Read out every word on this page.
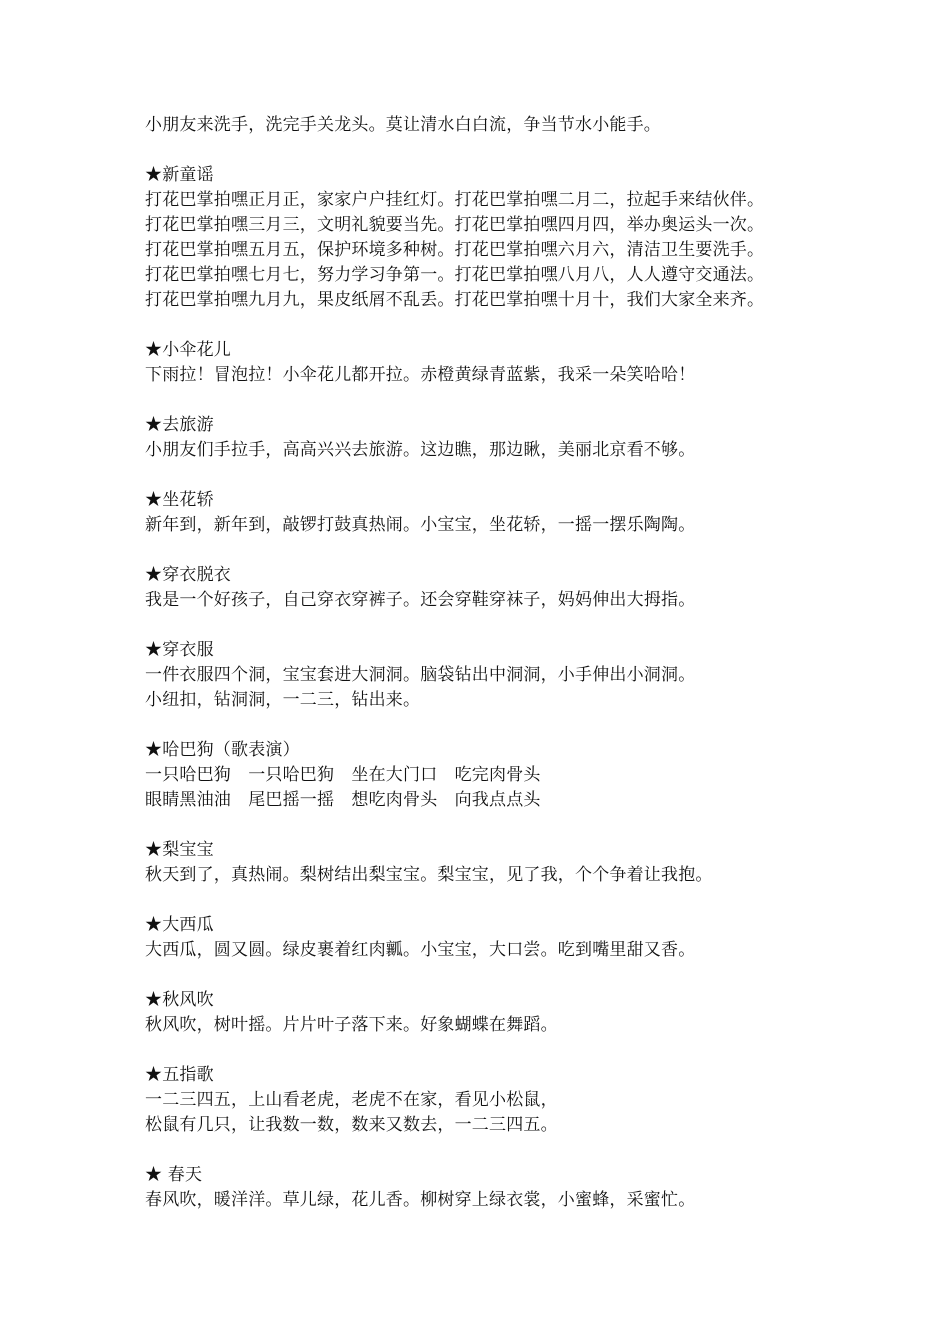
小朋友来洗手，洗完手关龙头。莫让清水白白流，争当节水小能手。
★新童谣
打花巴掌拍嘿正月正，家家户户挂红灯。打花巴掌拍嘿二月二，拉起手来结伙伴。
打花巴掌拍嘿三月三，文明礼貌要当先。打花巴掌拍嘿四月四，举办奥运头一次。
打花巴掌拍嘿五月五，保护环境多种树。打花巴掌拍嘿六月六，清洁卫生要洗手。
打花巴掌拍嘿七月七，努力学习争第一。打花巴掌拍嘿八月八，人人遵守交通法。
打花巴掌拍嘿九月九，果皮纸屑不乱丢。打花巴掌拍嘿十月十，我们大家全来齐。
★小伞花儿
下雨拉！冒泡拉！小伞花儿都开拉。赤橙黄绿青蓝紫，我采一朵笑哈哈！
★去旅游
小朋友们手拉手，高高兴兴去旅游。这边瞧，那边瞅，美丽北京看不够。
★坐花轿
新年到，新年到，敲锣打鼓真热闹。小宝宝，坐花轿，一摇一摆乐陶陶。
★穿衣脱衣
我是一个好孩子，自己穿衣穿裤子。还会穿鞋穿袜子，妈妈伸出大拇指。
★穿衣服
一件衣服四个洞，宝宝套进大洞洞。脑袋钻出中洞洞，小手伸出小洞洞。
小纽扣，钻洞洞，一二三，钻出来。
★哈巴狗（歌表演）
一只哈巴狗　一只哈巴狗　坐在大门口　吃完肉骨头
眼睛黑油油　尾巴摇一摇　想吃肉骨头　向我点点头
★梨宝宝
秋天到了，真热闹。梨树结出梨宝宝。梨宝宝，见了我，个个争着让我抱。
★大西瓜
大西瓜，圆又圆。绿皮裹着红肉瓤。小宝宝，大口尝。吃到嘴里甜又香。
★秋风吹
秋风吹，树叶摇。片片叶子落下来。好象蝴蝶在舞蹈。
★五指歌
一二三四五，上山看老虎，老虎不在家，看见小松鼠，
松鼠有几只，让我数一数，数来又数去，一二三四五。
★ 春天
春风吹，暖洋洋。草儿绿，花儿香。柳树穿上绿衣裳，小蜜蜂，采蜜忙。
